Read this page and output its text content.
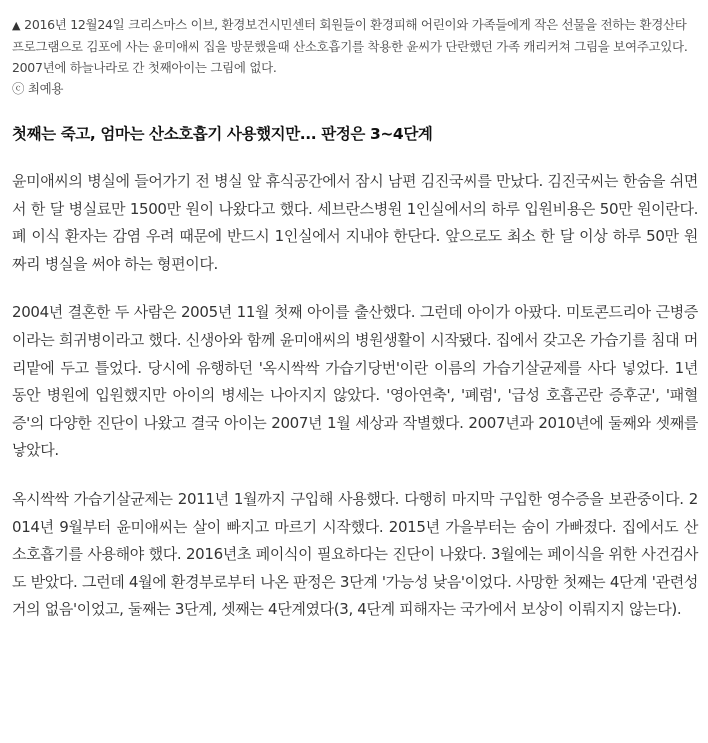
▲ 2016년 12월24일 크리스마스 이브, 환경보건시민센터 회원들이 환경피해 어린이와 가족들에게 작은 선물을 전하는 환경산타 프로그램으로 김포에 사는 윤미애씨 집을 방문했을때 산소호흡기를 착용한 윤씨가 단란했던 가족 캐리커쳐 그림을 보여주고있다. 2007년에 하늘나라로 간 첫째아이는 그림에 없다.
ⓒ 최예용
첫째는 죽고, 엄마는 산소호흡기 사용했지만... 판정은 3~4단계

윤미애씨의 병실에 들어가기 전 병실 앞 휴식공간에서 잠시 남편 김진국씨를 만났다. 김진국씨는 한숨을 쉬면서 한 달 병실료만 1500만 원이 나왔다고 했다. 세브란스병원 1인실에서의 하루 입원비용은 50만 원이란다. 폐 이식 환자는 감염 우려 때문에 반드시 1인실에서 지내야 한단다. 앞으로도 최소 한 달 이상 하루 50만 원짜리 병실을 써야 하는 형편이다.

2004년 결혼한 두 사람은 2005년 11월 첫째 아이를 출산했다. 그런데 아이가 아팠다. 미토콘드리아 근병증이라는 희귀병이라고 했다. 신생아와 함께 윤미애씨의 병원생활이 시작됐다. 집에서 갖고온 가습기를 침대 머리맡에 두고 틀었다. 당시에 유행하던 '옥시싹싹 가습기당번'이란 이름의 가습기살균제를 사다 넣었다. 1년 동안 병원에 입원했지만 아이의 병세는 나아지지 않았다. '영아연축', '폐렴', '급성 호흡곤란 증후군', '패혈증'의 다양한 진단이 나왔고 결국 아이는 2007년 1월 세상과 작별했다. 2007년과 2010년에 둘째와 셋째를 낳았다.

옥시싹싹 가습기살균제는 2011년 1월까지 구입해 사용했다. 다행히 마지막 구입한 영수증을 보관중이다. 2014년 9월부터 윤미애씨는 살이 빠지고 마르기 시작했다. 2015년 가을부터는 숨이 가빠졌다. 집에서도 산소호흡기를 사용해야 했다. 2016년초 페이식이 필요하다는 진단이 나왔다. 3월에는 페이식을 위한 사건검사도 받았다. 그런데 4월에 환경부로부터 나온 판정은 3단계 '가능성 낮음'이었다. 사망한 첫째는 4단계 '관련성 거의 없음'이었고, 둘째는 3단계, 셋째는 4단계였다(3, 4단계 피해자는 국가에서 보상이 이뤄지지 않는다).
